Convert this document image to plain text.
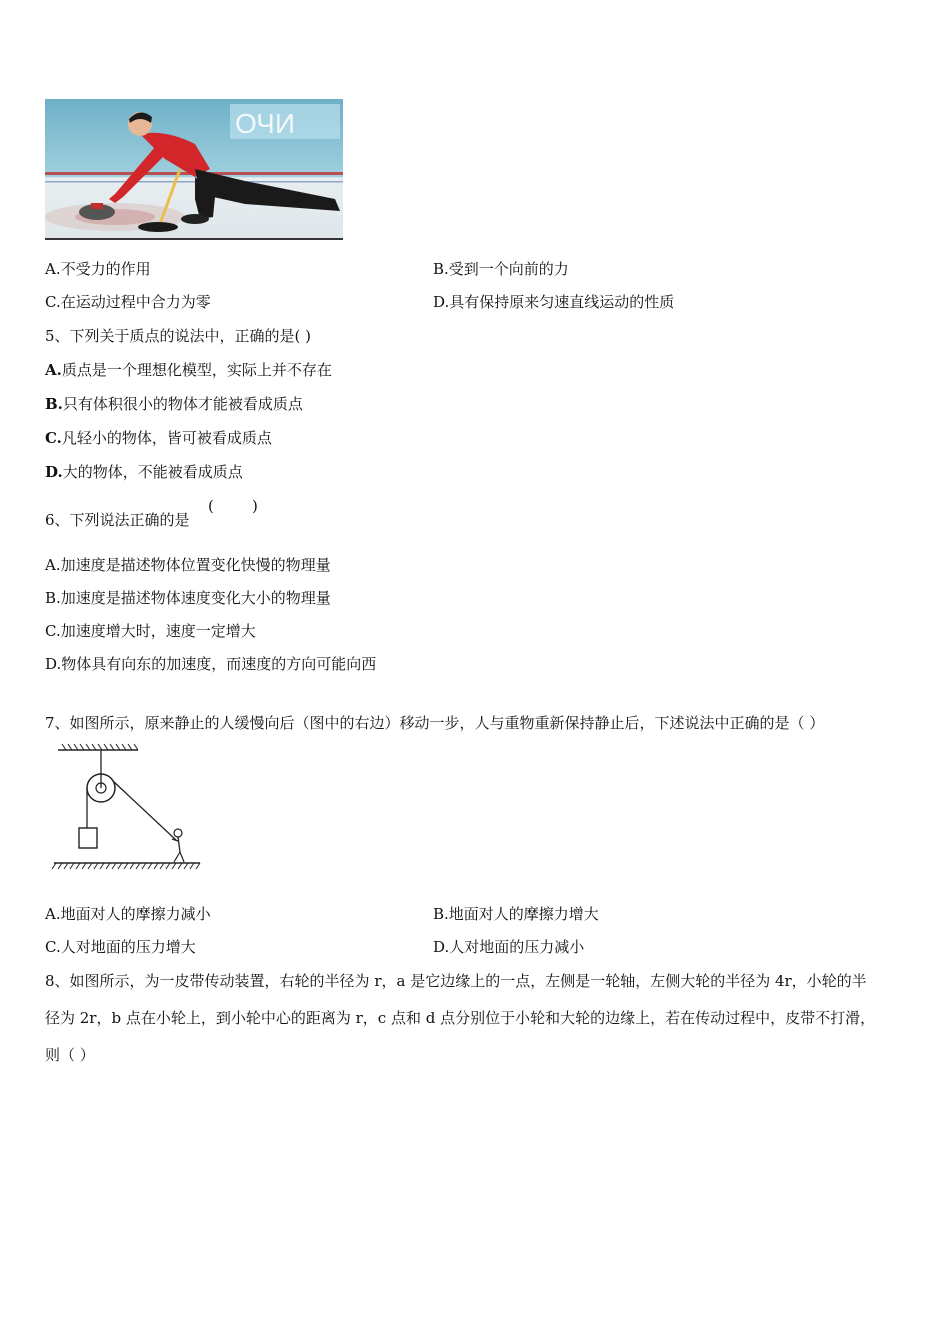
ОЧИ
A.不受力的作用	B.受到一个向前的力
C.在运动过程中合力为零	D.具有保持原来匀速直线运动的性质
5、下列关于质点的说法中，正确的是( )
A.质点是一个理想化模型，实际上并不存在
B.只有体积很小的物体才能被看成质点
C.凡轻小的物体，皆可被看成质点
D.大的物体，不能被看成质点
6、下列说法正确的是
(        )
A.加速度是描述物体位置变化快慢的物理量
B.加速度是描述物体速度变化大小的物理量
C.加速度增大时，速度一定增大
D.物体具有向东的加速度，而速度的方向可能向西
7、如图所示，原来静止的人缓慢向后（图中的右边）移动一步，人与重物重新保持静止后，下述说法中正确的是（ ）
A.地面对人的摩擦力减小	B.地面对人的摩擦力增大
C.人对地面的压力增大	D.人对地面的压力减小
8、如图所示，为一皮带传动装置，右轮的半径为 r，a 是它边缘上的一点，左侧是一轮轴，左侧大轮的半径为 4r，小轮的半
径为 2r，b 点在小轮上，到小轮中心的距离为 r，c 点和 d 点分别位于小轮和大轮的边缘上，若在传动过程中，皮带不打滑，
则（ ）
